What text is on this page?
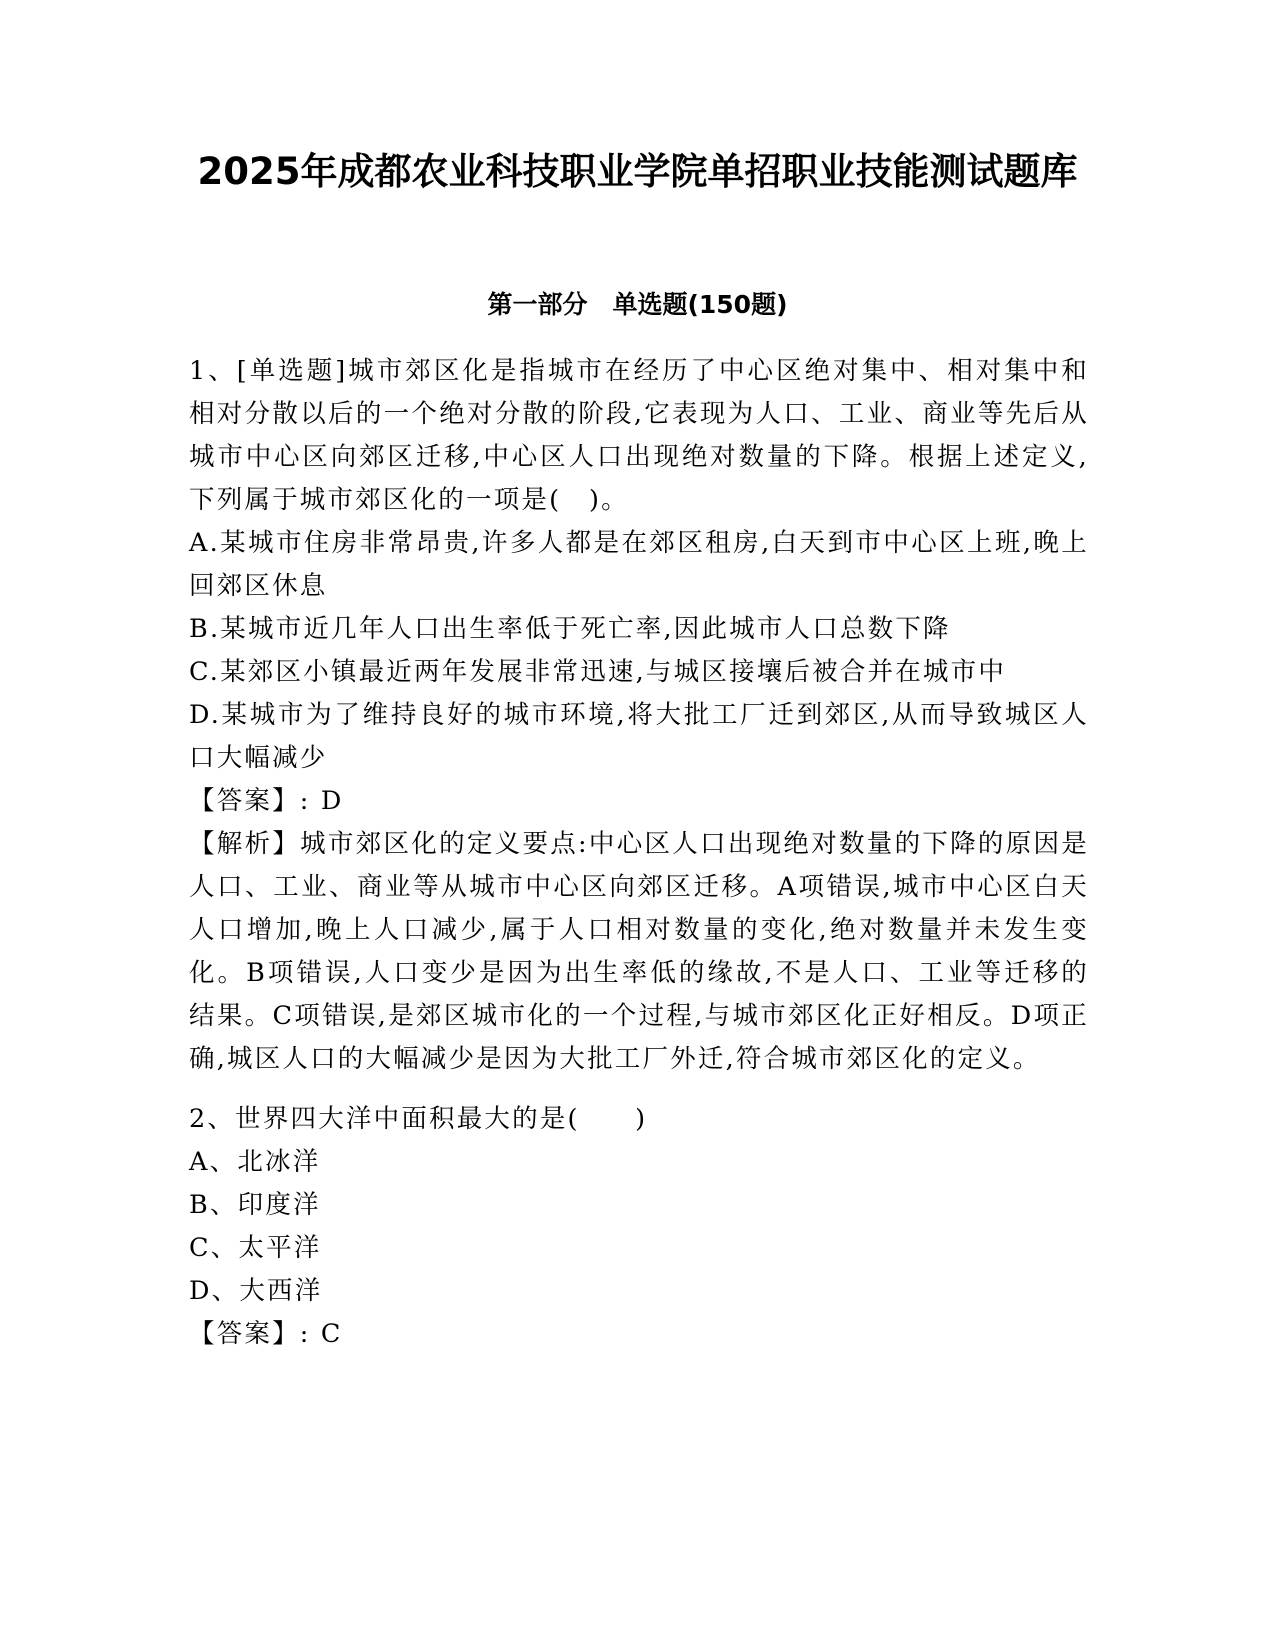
2025年成都农业科技职业学院单招职业技能测试题库
第一部分　单选题(150题)

1、[单选题]城市郊区化是指城市在经历了中心区绝对集中、相对集中和相对分散以后的一个绝对分散的阶段,它表现为人口、工业、商业等先后从城市中心区向郊区迁移,中心区人口出现绝对数量的下降。根据上述定义,下列属于城市郊区化的一项是(　)。

A.某城市住房非常昂贵,许多人都是在郊区租房,白天到市中心区上班,晚上回郊区休息

B.某城市近几年人口出生率低于死亡率,因此城市人口总数下降

C.某郊区小镇最近两年发展非常迅速,与城区接壤后被合并在城市中

D.某城市为了维持良好的城市环境,将大批工厂迁到郊区,从而导致城区人口大幅减少

【答案】: D

【解析】城市郊区化的定义要点:中心区人口出现绝对数量的下降的原因是人口、工业、商业等从城市中心区向郊区迁移。A项错误,城市中心区白天人口增加,晚上人口减少,属于人口相对数量的变化,绝对数量并未发生变化。B项错误,人口变少是因为出生率低的缘故,不是人口、工业等迁移的结果。C项错误,是郊区城市化的一个过程,与城市郊区化正好相反。D项正确,城区人口的大幅减少是因为大批工厂外迁,符合城市郊区化的定义。

2、世界四大洋中面积最大的是(　　)

A、北冰洋

B、印度洋

C、太平洋

D、大西洋

【答案】: C
